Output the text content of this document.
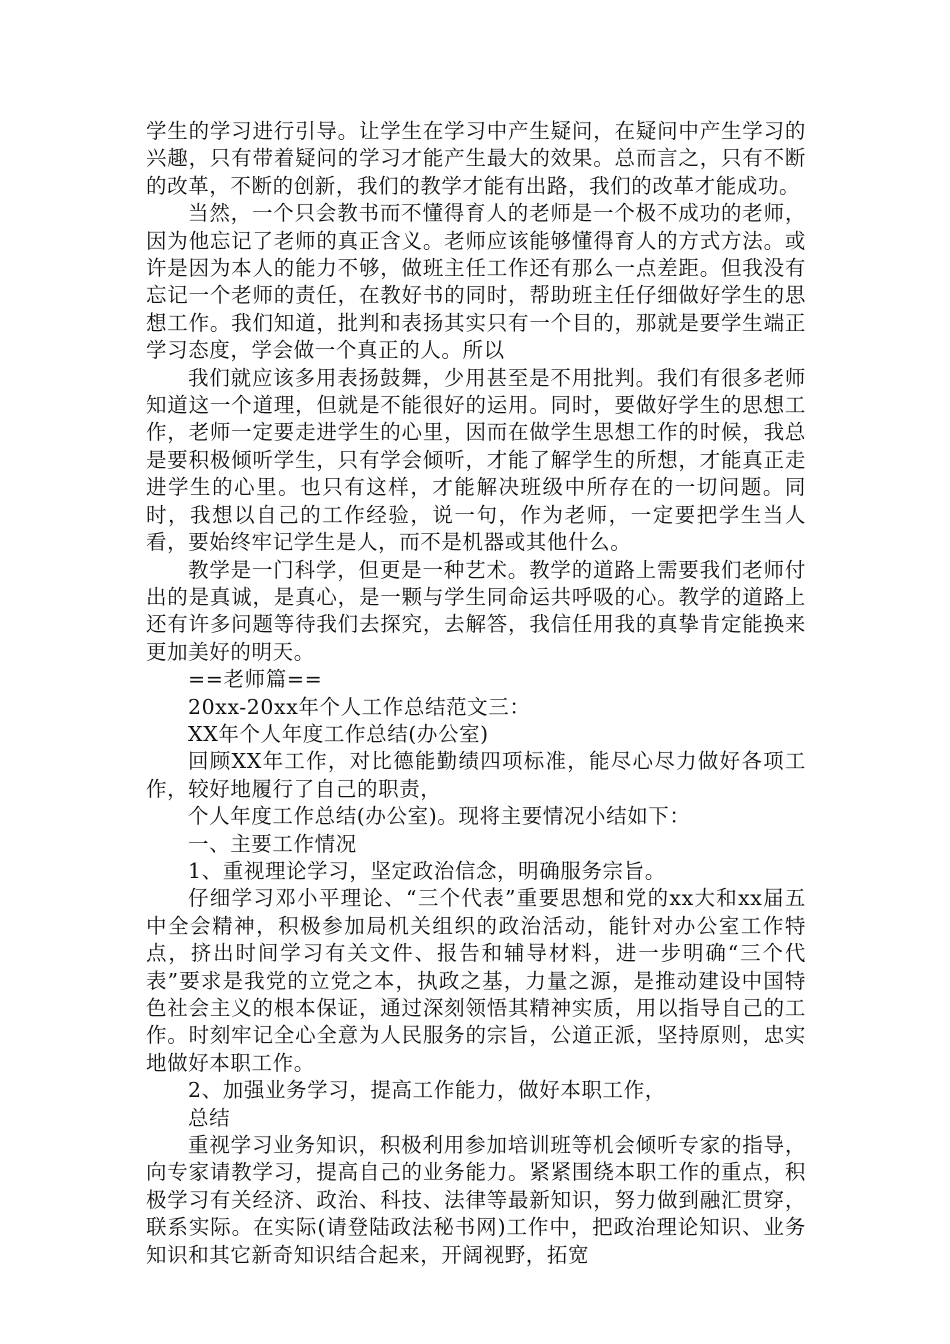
学生的学习进行引导。让学生在学习中产生疑问，在疑问中产生学习的兴趣，只有带着疑问的学习才能产生最大的效果。总而言之，只有不断的改革，不断的创新，我们的教学才能有出路，我们的改革才能成功。

当然，一个只会教书而不懂得育人的老师是一个极不成功的老师，因为他忘记了老师的真正含义。老师应该能够懂得育人的方式方法。或许是因为本人的能力不够，做班主任工作还有那么一点差距。但我没有忘记一个老师的责任，在教好书的同时，帮助班主任仔细做好学生的思想工作。我们知道，批判和表扬其实只有一个目的，那就是要学生端正学习态度，学会做一个真正的人。所以

我们就应该多用表扬鼓舞，少用甚至是不用批判。我们有很多老师知道这一个道理，但就是不能很好的运用。同时，要做好学生的思想工作，老师一定要走进学生的心里，因而在做学生思想工作的时候，我总是要积极倾听学生，只有学会倾听，才能了解学生的所想，才能真正走进学生的心里。也只有这样，才能解决班级中所存在的一切问题。同时，我想以自己的工作经验，说一句，作为老师，一定要把学生当人看，要始终牢记学生是人，而不是机器或其他什么。

教学是一门科学，但更是一种艺术。教学的道路上需要我们老师付出的是真诚，是真心，是一颗与学生同命运共呼吸的心。教学的道路上还有许多问题等待我们去探究，去解答，我信任用我的真挚肯定能换来更加美好的明天。

==老师篇==

20xx-20xx年个人工作总结范文三：

XX年个人年度工作总结(办公室)

回顾XX年工作，对比德能勤绩四项标准，能尽心尽力做好各项工作，较好地履行了自己的职责，

个人年度工作总结(办公室)。现将主要情况小结如下：

一、主要工作情况

1、重视理论学习，坚定政治信念，明确服务宗旨。

仔细学习邓小平理论、“三个代表”重要思想和党的xx大和xx届五中全会精神，积极参加局机关组织的政治活动，能针对办公室工作特点，挤出时间学习有关文件、报告和辅导材料，进一步明确“三个代表”要求是我党的立党之本，执政之基，力量之源，是推动建设中国特色社会主义的根本保证，通过深刻领悟其精神实质，用以指导自己的工作。时刻牢记全心全意为人民服务的宗旨，公道正派，坚持原则，忠实地做好本职工作。

2、加强业务学习，提高工作能力，做好本职工作，

总结

重视学习业务知识，积极利用参加培训班等机会倾听专家的指导，向专家请教学习，提高自己的业务能力。紧紧围绕本职工作的重点，积极学习有关经济、政治、科技、法律等最新知识，努力做到融汇贯穿，联系实际。在实际(请登陆政法秘书网)工作中，把政治理论知识、业务知识和其它新奇知识结合起来，开阔视野，拓宽
